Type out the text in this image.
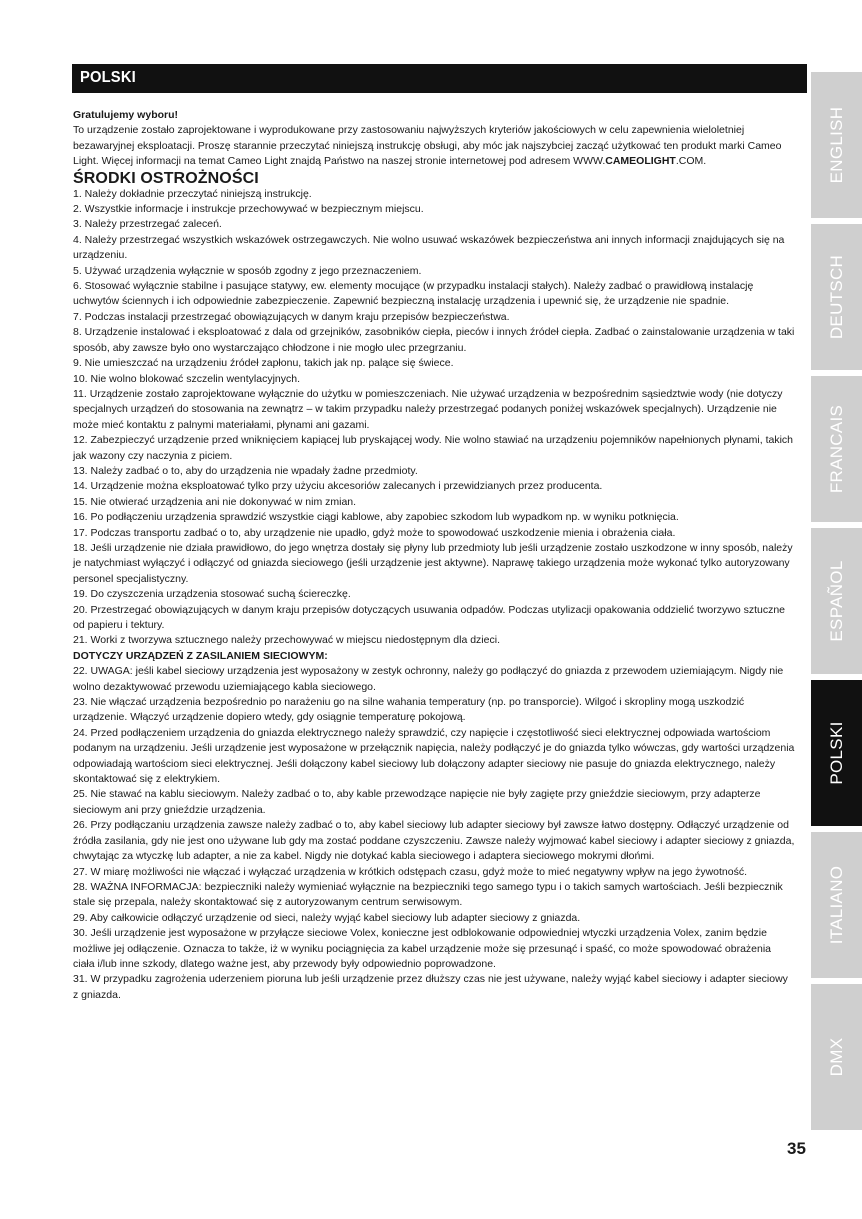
POLSKI

Gratulujemy wyboru!

To urządzenie zostało zaprojektowane i wyprodukowane przy zastosowaniu najwyższych kryteriów jakościowych w celu zapewnienia wieloletniej bezawaryjnej eksploatacji. Proszę starannie przeczytać niniejszą instrukcję obsługi, aby móc jak najszybciej zacząć użytkować ten produkt marki Cameo Light. Więcej informacji na temat Cameo Light znajdą Państwo na naszej stronie internetowej pod adresem WWW.CAMEOLIGHT.COM.

ŚRODKI OSTROŻNOŚCI

1. Należy dokładnie przeczytać niniejszą instrukcję.

2. Wszystkie informacje i instrukcje przechowywać w bezpiecznym miejscu.

3. Należy przestrzegać zaleceń.

4. Należy przestrzegać wszystkich wskazówek ostrzegawczych. Nie wolno usuwać wskazówek bezpieczeństwa ani innych informacji znajdujących się na urządzeniu.

5. Używać urządzenia wyłącznie w sposób zgodny z jego przeznaczeniem.

6. Stosować wyłącznie stabilne i pasujące statywy, ew. elementy mocujące (w przypadku instalacji stałych). Należy zadbać o prawidłową instalację uchwytów ściennych i ich odpowiednie zabezpieczenie. Zapewnić bezpieczną instalację urządzenia i upewnić się, że urządzenie nie spadnie.

7. Podczas instalacji przestrzegać obowiązujących w danym kraju przepisów bezpieczeństwa.

8. Urządzenie instalować i eksploatować z dala od grzejników, zasobników ciepła, pieców i innych źródeł ciepła. Zadbać o zainstalowanie urządzenia w taki sposób, aby zawsze było ono wystarczająco chłodzone i nie mogło ulec przegrzaniu.

9. Nie umieszczać na urządzeniu źródeł zapłonu, takich jak np. palące się świece.

10. Nie wolno blokować szczelin wentylacyjnych.

11. Urządzenie zostało zaprojektowane wyłącznie do użytku w pomieszczeniach. Nie używać urządzenia w bezpośrednim sąsiedztwie wody (nie dotyczy specjalnych urządzeń do stosowania na zewnątrz – w takim przypadku należy przestrzegać podanych poniżej wskazówek specjalnych). Urządzenie nie może mieć kontaktu z palnymi materiałami, płynami ani gazami.

12. Zabezpieczyć urządzenie przed wniknięciem kapiącej lub pryskającej wody. Nie wolno stawiać na urządzeniu pojemników napełnionych płynami, takich jak wazony czy naczynia z piciem.

13. Należy zadbać o to, aby do urządzenia nie wpadały żadne przedmioty.

14. Urządzenie można eksploatować tylko przy użyciu akcesoriów zalecanych i przewidzianych przez producenta.

15. Nie otwierać urządzenia ani nie dokonywać w nim zmian.

16. Po podłączeniu urządzenia sprawdzić wszystkie ciągi kablowe, aby zapobiec szkodom lub wypadkom np. w wyniku potknięcia.

17. Podczas transportu zadbać o to, aby urządzenie nie upadło, gdyż może to spowodować uszkodzenie mienia i obrażenia ciała.

18. Jeśli urządzenie nie działa prawidłowo, do jego wnętrza dostały się płyny lub przedmioty lub jeśli urządzenie zostało uszkodzone w inny sposób, należy je natychmiast wyłączyć i odłączyć od gniazda sieciowego (jeśli urządzenie jest aktywne). Naprawę takiego urządzenia może wykonać tylko autoryzowany personel specjalistyczny.

19. Do czyszczenia urządzenia stosować suchą ściereczkę.

20. Przestrzegać obowiązujących w danym kraju przepisów dotyczących usuwania odpadów. Podczas utylizacji opakowania oddzielić tworzywo sztuczne od papieru i tektury.

21. Worki z tworzywa sztucznego należy przechowywać w miejscu niedostępnym dla dzieci.

DOTYCZY URZĄDZEŃ Z ZASILANIEM SIECIOWYM:

22. UWAGA: jeśli kabel sieciowy urządzenia jest wyposażony w zestyk ochronny, należy go podłączyć do gniazda z przewodem uziemiającym. Nigdy nie wolno dezaktywować przewodu uziemiającego kabla sieciowego.

23. Nie włączać urządzenia bezpośrednio po narażeniu go na silne wahania temperatury (np. po transporcie). Wilgoć i skropliny mogą uszkodzić urządzenie. Włączyć urządzenie dopiero wtedy, gdy osiągnie temperaturę pokojową.

24. Przed podłączeniem urządzenia do gniazda elektrycznego należy sprawdzić, czy napięcie i częstotliwość sieci elektrycznej odpowiada wartościom podanym na urządzeniu. Jeśli urządzenie jest wyposażone w przełącznik napięcia, należy podłączyć je do gniazda tylko wówczas, gdy wartości urządzenia odpowiadają wartościom sieci elektrycznej. Jeśli dołączony kabel sieciowy lub dołączony adapter sieciowy nie pasuje do gniazda elektrycznego, należy skontaktować się z elektrykiem.

25. Nie stawać na kablu sieciowym. Należy zadbać o to, aby kable przewodzące napięcie nie były zagięte przy gnieździe sieciowym, przy adapterze sieciowym ani przy gnieździe urządzenia.

26. Przy podłączaniu urządzenia zawsze należy zadbać o to, aby kabel sieciowy lub adapter sieciowy był zawsze łatwo dostępny. Odłączyć urządzenie od źródła zasilania, gdy nie jest ono używane lub gdy ma zostać poddane czyszczeniu. Zawsze należy wyjmować kabel sieciowy i adapter sieciowy z gniazda, chwytając za wtyczkę lub adapter, a nie za kabel. Nigdy nie dotykać kabla sieciowego i adaptera sieciowego mokrymi dłońmi.

27. W miarę możliwości nie włączać i wyłączać urządzenia w krótkich odstępach czasu, gdyż może to mieć negatywny wpływ na jego żywotność.

28. WAŻNA INFORMACJA: bezpieczniki należy wymieniać wyłącznie na bezpieczniki tego samego typu i o takich samych wartościach. Jeśli bezpiecznik stale się przepala, należy skontaktować się z autoryzowanym centrum serwisowym.

29. Aby całkowicie odłączyć urządzenie od sieci, należy wyjąć kabel sieciowy lub adapter sieciowy z gniazda.

30. Jeśli urządzenie jest wyposażone w przyłącze sieciowe Volex, konieczne jest odblokowanie odpowiedniej wtyczki urządzenia Volex, zanim będzie możliwe jej odłączenie. Oznacza to także, iż w wyniku pociągnięcia za kabel urządzenie może się przesunąć i spaść, co może spowodować obrażenia ciała i/lub inne szkody, dlatego ważne jest, aby przewody były odpowiednio poprowadzone.

31. W przypadku zagrożenia uderzeniem pioruna lub jeśli urządzenie przez dłuższy czas nie jest używane, należy wyjąć kabel sieciowy i adapter sieciowy z gniazda.

ENGLISH
DEUTSCH
FRANCAIS
ESPAÑOL
POLSKI
ITALIANO
DMX
35
